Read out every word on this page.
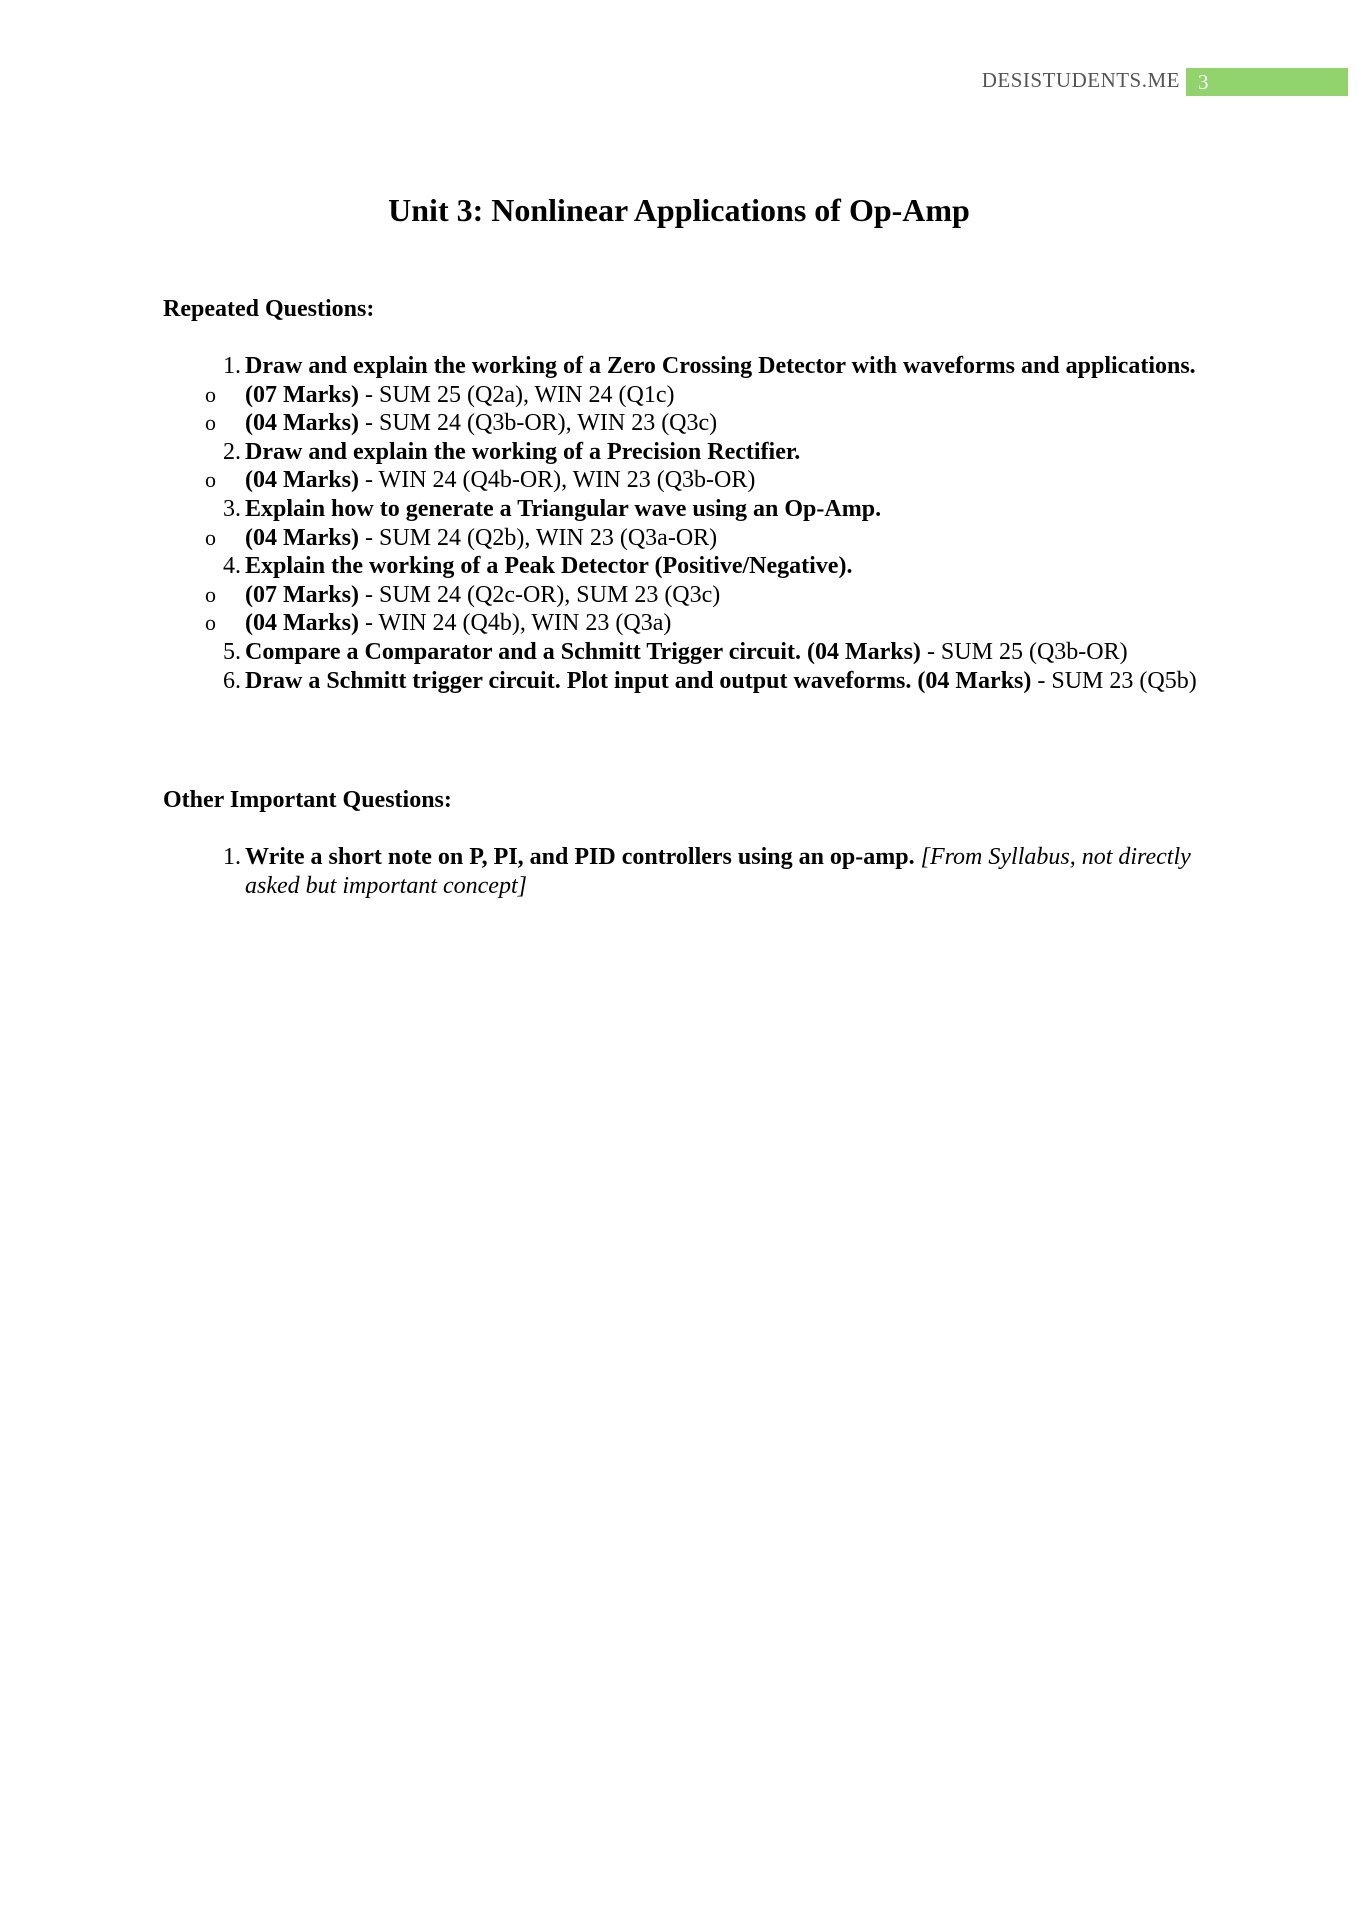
DESISTUDENTS.ME 3
Unit 3: Nonlinear Applications of Op-Amp
Repeated Questions:
1 . Draw and explain the working of a Zero Crossing Detector with waveforms and applications.
o (07 Marks) - SUM 25 (Q2a), WIN 24 (Q1c)
o (04 Marks) - SUM 24 (Q3b-OR), WIN 23 (Q3c)
2 . Draw and explain the working of a Precision Rectifier.
o (04 Marks) - WIN 24 (Q4b-OR), WIN 23 (Q3b-OR)
3 . Explain how to generate a Triangular wave using an Op-Amp.
o (04 Marks) - SUM 24 (Q2b), WIN 23 (Q3a-OR)
4 . Explain the working of a Peak Detector (Positive/Negative).
o (07 Marks) - SUM 24 (Q2c-OR), SUM 23 (Q3c)
o (04 Marks) - WIN 24 (Q4b), WIN 23 (Q3a)
5 . Compare a Comparator and a Schmitt Trigger circuit. (04 Marks) - SUM 25 (Q3b-OR)
6 . Draw a Schmitt trigger circuit. Plot input and output waveforms. (04 Marks) - SUM 23 (Q5b)
Other Important Questions:
1 . Write a short note on P, PI, and PID controllers using an op-amp. [From Syllabus, not directly asked but important concept]
